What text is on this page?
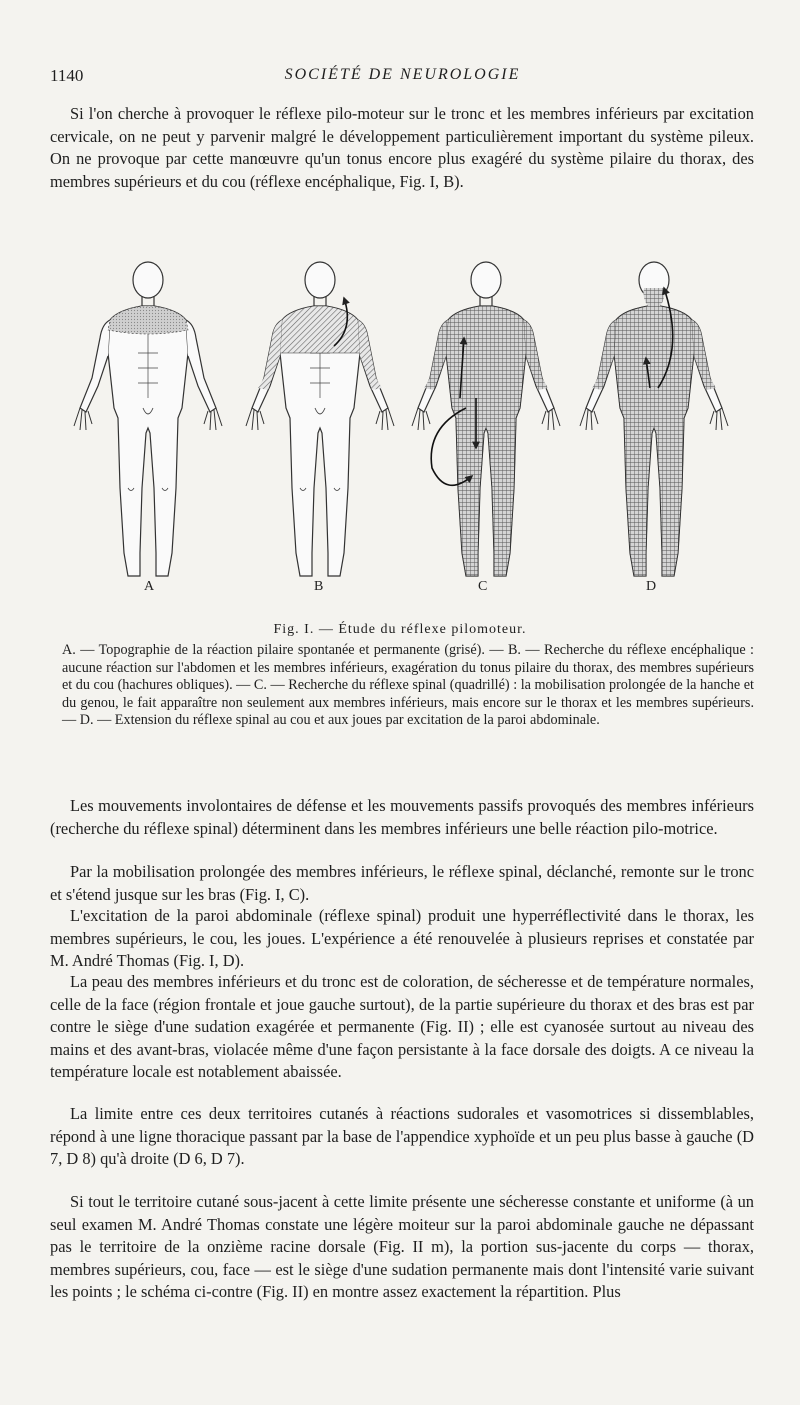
1140	SOCIÉTÉ DE NEUROLOGIE

Si l'on cherche à provoquer le réflexe pilo-moteur sur le tronc et les membres inférieurs par excitation cervicale, on ne peut y parvenir malgré le développement particulièrement important du système pileux. On ne provoque par cette manœuvre qu'un tonus encore plus exagéré du système pilaire du thorax, des membres supérieurs et du cou (réflexe encéphalique, Fig. I, B).

A	B	C	D
Fig. I. — Étude du réflexe pilomoteur.

A. — Topographie de la réaction pilaire spontanée et permanente (grisé). — B. — Recherche du réflexe encéphalique : aucune réaction sur l'abdomen et les membres inférieurs, exagération du tonus pilaire du thorax, des membres supérieurs et du cou (hachures obliques). — C. — Recherche du réflexe spinal (quadrillé) : la mobilisation prolongée de la hanche et du genou, le fait apparaître non seulement aux membres inférieurs, mais encore sur le thorax et les membres supérieurs. — D. — Extension du réflexe spinal au cou et aux joues par excitation de la paroi abdominale.

Les mouvements involontaires de défense et les mouvements passifs provoqués des membres inférieurs (recherche du réflexe spinal) déterminent dans les membres inférieurs une belle réaction pilo-motrice.

Par la mobilisation prolongée des membres inférieurs, le réflexe spinal, déclanché, remonte sur le tronc et s'étend jusque sur les bras (Fig. I, C).

L'excitation de la paroi abdominale (réflexe spinal) produit une hyperréflectivité dans le thorax, les membres supérieurs, le cou, les joues. L'expérience a été renouvelée à plusieurs reprises et constatée par M. André Thomas (Fig. I, D).

La peau des membres inférieurs et du tronc est de coloration, de sécheresse et de température normales, celle de la face (région frontale et joue gauche surtout), de la partie supérieure du thorax et des bras est par contre le siège d'une sudation exagérée et permanente (Fig. II) ; elle est cyanosée surtout au niveau des mains et des avant-bras, violacée même d'une façon persistante à la face dorsale des doigts. A ce niveau la température locale est notablement abaissée.

La limite entre ces deux territoires cutanés à réactions sudorales et vasomotrices si dissemblables, répond à une ligne thoracique passant par la base de l'appendice xyphoïde et un peu plus basse à gauche (D 7, D 8) qu'à droite (D 6, D 7).

Si tout le territoire cutané sous-jacent à cette limite présente une sécheresse constante et uniforme (à un seul examen M. André Thomas constate une légère moiteur sur la paroi abdominale gauche ne dépassant pas le territoire de la onzième racine dorsale (Fig. II m), la portion sus-jacente du corps — thorax, membres supérieurs, cou, face — est le siège d'une sudation permanente mais dont l'intensité varie suivant les points ; le schéma ci-contre (Fig. II) en montre assez exactement la répartition. Plus
